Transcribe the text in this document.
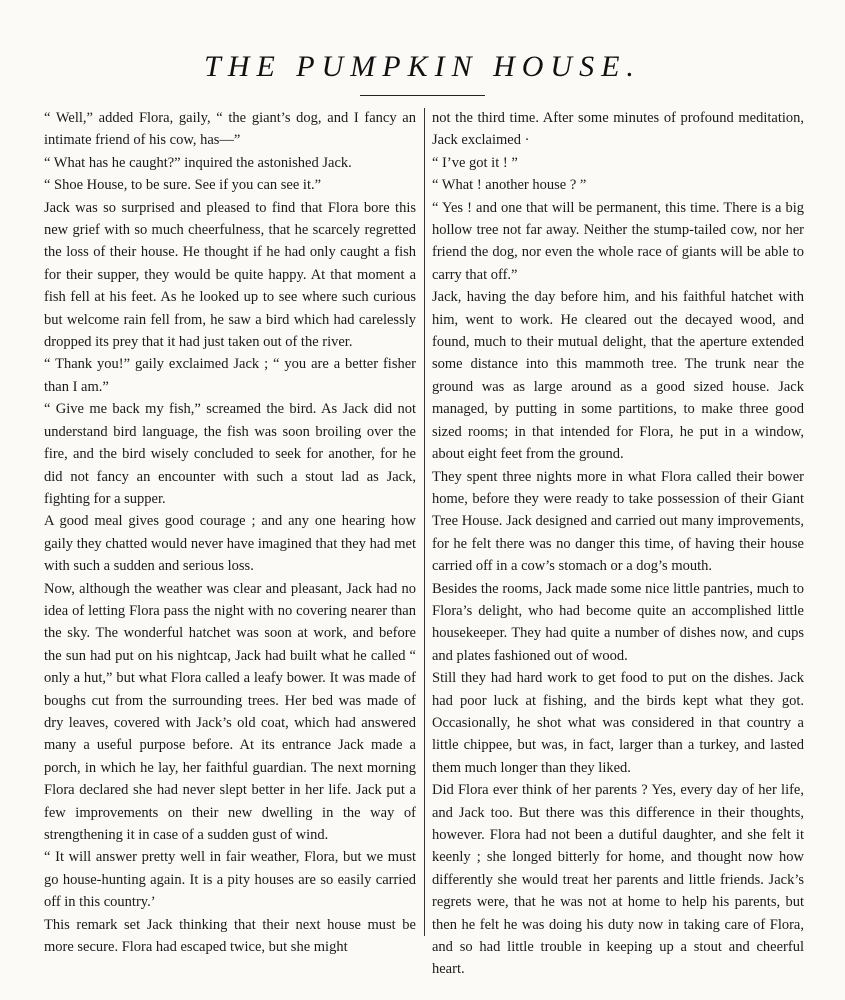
THE PUMPKIN HOUSE.

“ Well,” added Flora, gaily, “ the giant’s dog, and I fancy an intimate friend of his cow, has—”

“ What has he caught?” inquired the astonished Jack.

“ Shoe House, to be sure. See if you can see it.”

Jack was so surprised and pleased to find that Flora bore this new grief with so much cheerfulness, that he scarcely regretted the loss of their house. He thought if he had only caught a fish for their supper, they would be quite happy. At that moment a fish fell at his feet. As he looked up to see where such curious but welcome rain fell from, he saw a bird which had carelessly dropped its prey that it had just taken out of the river.

“ Thank you!” gaily exclaimed Jack ; “ you are a better fisher than I am.”

“ Give me back my fish,” screamed the bird. As Jack did not understand bird language, the fish was soon broiling over the fire, and the bird wisely concluded to seek for another, for he did not fancy an encounter with such a stout lad as Jack, fighting for a supper.

A good meal gives good courage ; and any one hearing how gaily they chatted would never have imagined that they had met with such a sudden and serious loss.

Now, although the weather was clear and pleasant, Jack had no idea of letting Flora pass the night with no covering nearer than the sky. The wonderful hatchet was soon at work, and before the sun had put on his nightcap, Jack had built what he called “ only a hut,” but what Flora called a leafy bower. It was made of boughs cut from the surrounding trees. Her bed was made of dry leaves, covered with Jack’s old coat, which had answered many a useful purpose before. At its entrance Jack made a porch, in which he lay, her faithful guardian. The next morning Flora declared she had never slept better in her life. Jack put a few improvements on their new dwelling in the way of strengthening it in case of a sudden gust of wind.

“ It will answer pretty well in fair weather, Flora, but we must go house-hunting again. It is a pity houses are so easily carried off in this country.’

This remark set Jack thinking that their next house must be more secure. Flora had escaped twice, but she might

not the third time. After some minutes of profound meditation, Jack exclaimed ·

“ I’ve got it ! ”

“ What ! another house ? ”

“ Yes ! and one that will be permanent, this time. There is a big hollow tree not far away. Neither the stump-tailed cow, nor her friend the dog, nor even the whole race of giants will be able to carry that off.”

Jack, having the day before him, and his faithful hatchet with him, went to work. He cleared out the decayed wood, and found, much to their mutual delight, that the aperture extended some distance into this mammoth tree. The trunk near the ground was as large around as a good sized house. Jack managed, by putting in some partitions, to make three good sized rooms; in that intended for Flora, he put in a window, about eight feet from the ground.

They spent three nights more in what Flora called their bower home, before they were ready to take possession of their Giant Tree House. Jack designed and carried out many improvements, for he felt there was no danger this time, of having their house carried off in a cow’s stomach or a dog’s mouth.

Besides the rooms, Jack made some nice little pantries, much to Flora’s delight, who had become quite an accomplished little housekeeper. They had quite a number of dishes now, and cups and plates fashioned out of wood.

Still they had hard work to get food to put on the dishes. Jack had poor luck at fishing, and the birds kept what they got. Occasionally, he shot what was considered in that country a little chippee, but was, in fact, larger than a turkey, and lasted them much longer than they liked.

Did Flora ever think of her parents ? Yes, every day of her life, and Jack too. But there was this difference in their thoughts, however. Flora had not been a dutiful daughter, and she felt it keenly ; she longed bitterly for home, and thought now how differently she would treat her parents and little friends. Jack’s regrets were, that he was not at home to help his parents, but then he felt he was doing his duty now in taking care of Flora, and so had little trouble in keeping up a stout and cheerful heart.
